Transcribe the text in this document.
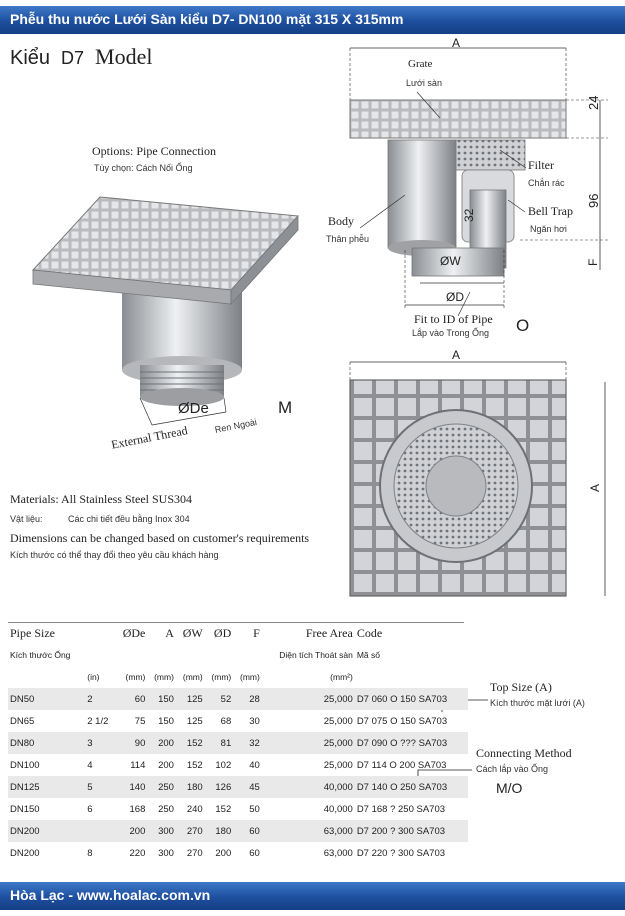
Phễu thu nước Lưới Sàn kiểu D7- DN100 mặt 315 X 315mm
Kiểu D7 Model
Options: Pipe Connection
Tùy chọn: Cách Nối Ống
ØDe	M
External Thread	Ren Ngoài
A
Grate
Lưới sàn
24
96
F
Filter
Chắn rác
32
Body
Thân phễu
Bell Trap
Ngăn hơi
ØW
ØD
Fit to ID of Pipe
Lắp vào Trong Ống O
A
A
Materials: All Stainless Steel SUS304
Vật liệu:	Các chi tiết đều bằng Inox 304
Dimensions can be changed based on customer's requirements
Kích thước có thể thay đổi theo yêu cầu khách hàng
Pipe Size		ØDe	A	ØW	ØD	F	Free Area	Code
Kích thước Ống							Diện tích Thoát sàn	Mã số
	(in)	(mm)	(mm)	(mm)	(mm)	(mm)	(mm²)	
DN50	2	60	150	125	52	28	25,000	D7 060 O 150 SA703
DN65	2 1/2	75	150	125	68	30	25,000	D7 075 O 150 SA703
DN80	3	90	200	152	81	32	25,000	D7 090 O ??? SA703
DN100	4	114	200	152	102	40	25,000	D7 114 O 200 SA703
DN125	5	140	250	180	126	45	40,000	D7 140 O 250 SA703
DN150	6	168	250	240	152	50	40,000	D7 168 ? 250 SA703
DN200		200	300	270	180	60	63,000	D7 200 ? 300 SA703
DN200	8	220	300	270	200	60	63,000	D7 220 ? 300 SA703
Top Size (A)
Kích thước mặt lưới (A)
Connecting Method
Cách lắp vào Ống
M/O
Hòa Lạc - www.hoalac.com.vn
